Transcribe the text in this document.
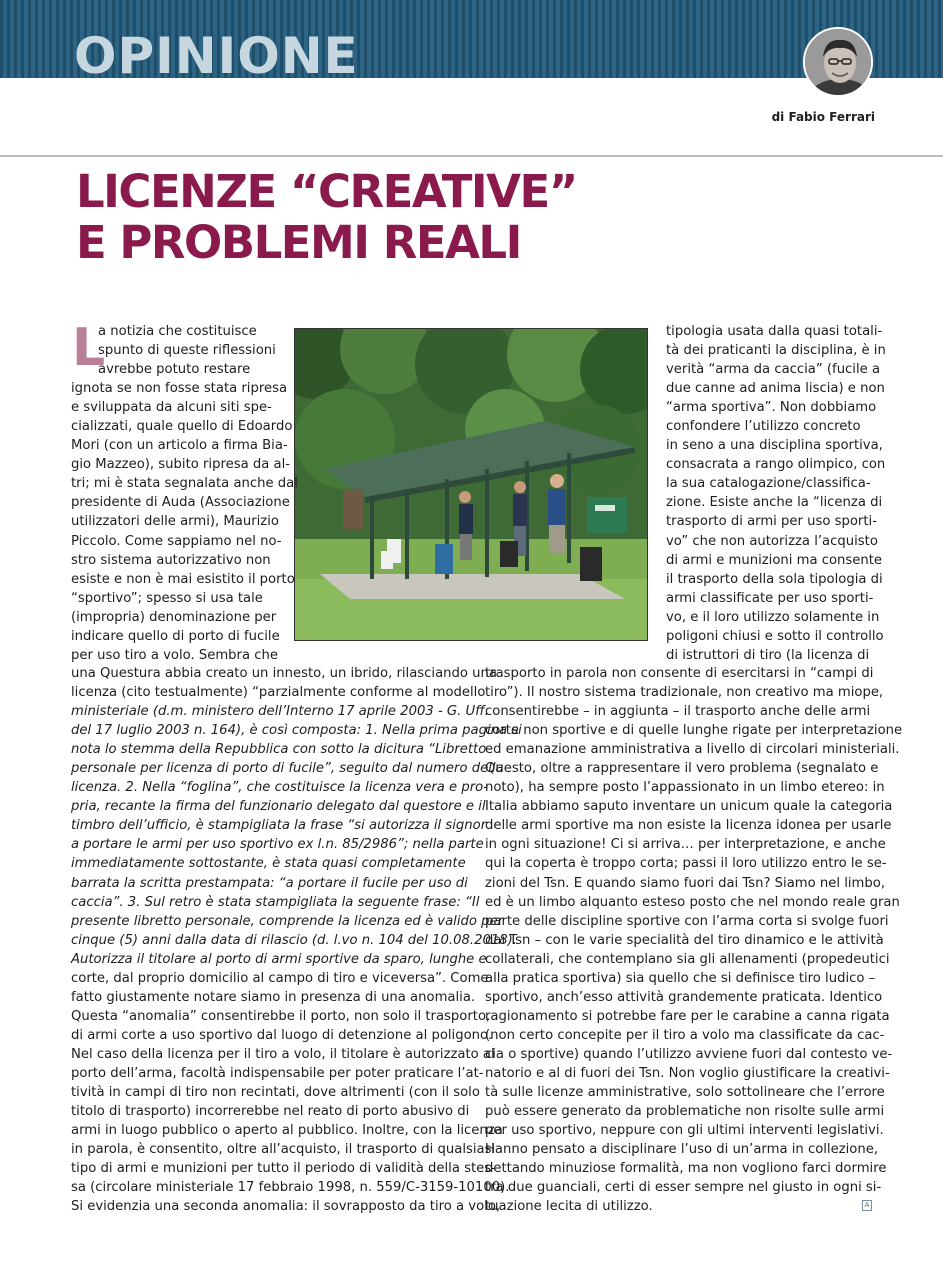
OPINIONE
di Fabio Ferrari
LICENZE “CREATIVE”
E PROBLEMI REALI
L

a notizia che costituisce

spunto di queste riflessioni

avrebbe potuto restare

ignota se non fosse stata ripresa

e sviluppata da alcuni siti spe-

cializzati, quale quello di Edoardo

Mori (con un articolo a firma Bia-

gio Mazzeo), subito ripresa da al-

tri; mi è stata segnalata anche dal

presidente di Auda (Associazione

utilizzatori delle armi), Maurizio

Piccolo. Come sappiamo nel no-

stro sistema autorizzativo non

esiste e non è mai esistito il porto

“sportivo”; spesso si usa tale

(impropria) denominazione per

indicare quello di porto di fucile

per uso tiro a volo. Sembra che

una Questura abbia creato un innesto, un ibrido, rilasciando una

licenza (cito testualmente) “parzialmente conforme al modello

ministeriale (d.m. ministero dell’Interno 17 aprile 2003 - G. Uff.

del 17 luglio 2003 n. 164), è così composta: 1. Nella prima pagina si

nota lo stemma della Repubblica con sotto la dicitura “Libretto

personale per licenza di porto di fucile”, seguito dal numero della

licenza. 2. Nella “foglina”, che costituisce la licenza vera e pro-

pria, recante la firma del funzionario delegato dal questore e il

timbro dell’ufficio, è stampigliata la frase “si autorizza il signor

a portare le armi per uso sportivo ex l.n. 85/2986”; nella parte

immediatamente sottostante, è stata quasi completamente

barrata la scritta prestampata: “a portare il fucile per uso di

caccia”. 3. Sul retro è stata stampigliata la seguente frase: “Il

presente libretto personale, comprende la licenza ed è valido per

cinque (5) anni dalla data di rilascio (d. l.vo n. 104 del 10.08.2018).

Autorizza il titolare al porto di armi sportive da sparo, lunghe e

corte, dal proprio domicilio al campo di tiro e viceversa”. Come

fatto giustamente notare siamo in presenza di una anomalia.

Questa “anomalia” consentirebbe il porto, non solo il trasporto,

di armi corte a uso sportivo dal luogo di detenzione al poligono.

Nel caso della licenza per il tiro a volo, il titolare è autorizzato al

porto dell’arma, facoltà indispensabile per poter praticare l’at-

tività in campi di tiro non recintati, dove altrimenti (con il solo

titolo di trasporto) incorrerebbe nel reato di porto abusivo di

armi in luogo pubblico o aperto al pubblico. Inoltre, con la licenza

in parola, è consentito, oltre all’acquisto, il trasporto di qualsiasi

tipo di armi e munizioni per tutto il periodo di validità della stes-

sa (circolare ministeriale 17 febbraio 1998, n. 559/C-3159-10100).

Si evidenzia una seconda anomalia: il sovrapposto da tiro a volo,

tipologia usata dalla quasi totali-

tà dei praticanti la disciplina, è in

verità “arma da caccia” (fucile a

due canne ad anima liscia) e non

“arma sportiva”. Non dobbiamo

confondere l’utilizzo concreto

in seno a una disciplina sportiva,

consacrata a rango olimpico, con

la sua catalogazione/classifica-

zione. Esiste anche la “licenza di

trasporto di armi per uso sporti-

vo” che non autorizza l’acquisto

di armi e munizioni ma consente

il trasporto della sola tipologia di

armi classificate per uso sporti-

vo, e il loro utilizzo solamente in

poligoni chiusi e sotto il controllo

di istruttori di tiro (la licenza di

trasporto in parola non consente di esercitarsi in “campi di

tiro”). Il nostro sistema tradizionale, non creativo ma miope,

consentirebbe – in aggiunta – il trasporto anche delle armi

corte non sportive e di quelle lunghe rigate per interpretazione

ed emanazione amministrativa a livello di circolari ministeriali.

Questo, oltre a rappresentare il vero problema (segnalato e

noto), ha sempre posto l’appassionato in un limbo etereo: in

Italia abbiamo saputo inventare un unicum quale la categoria

delle armi sportive ma non esiste la licenza idonea per usarle

in ogni situazione! Ci si arriva… per interpretazione, e anche

qui la coperta è troppo corta; passi il loro utilizzo entro le se-

zioni del Tsn. E quando siamo fuori dai Tsn? Siamo nel limbo,

ed è un limbo alquanto esteso posto che nel mondo reale gran

parte delle discipline sportive con l’arma corta si svolge fuori

dai Tsn – con le varie specialità del tiro dinamico e le attività

collaterali, che contemplano sia gli allenamenti (propedeutici

alla pratica sportiva) sia quello che si definisce tiro ludico –

sportivo, anch’esso attività grandemente praticata. Identico

ragionamento si potrebbe fare per le carabine a canna rigata

(non certo concepite per il tiro a volo ma classificate da cac-

cia o sportive) quando l’utilizzo avviene fuori dal contesto ve-

natorio e al di fuori dei Tsn. Non voglio giustificare la creativi-

tà sulle licenze amministrative, solo sottolineare che l’errore

può essere generato da problematiche non risolte sulle armi

per uso sportivo, neppure con gli ultimi interventi legislativi.

Hanno pensato a disciplinare l’uso di un’arma in collezione,

dettando minuziose formalità, ma non vogliono farci dormire

tra due guanciali, certi di esser sempre nel giusto in ogni si-

tuazione lecita di utilizzo.	A
